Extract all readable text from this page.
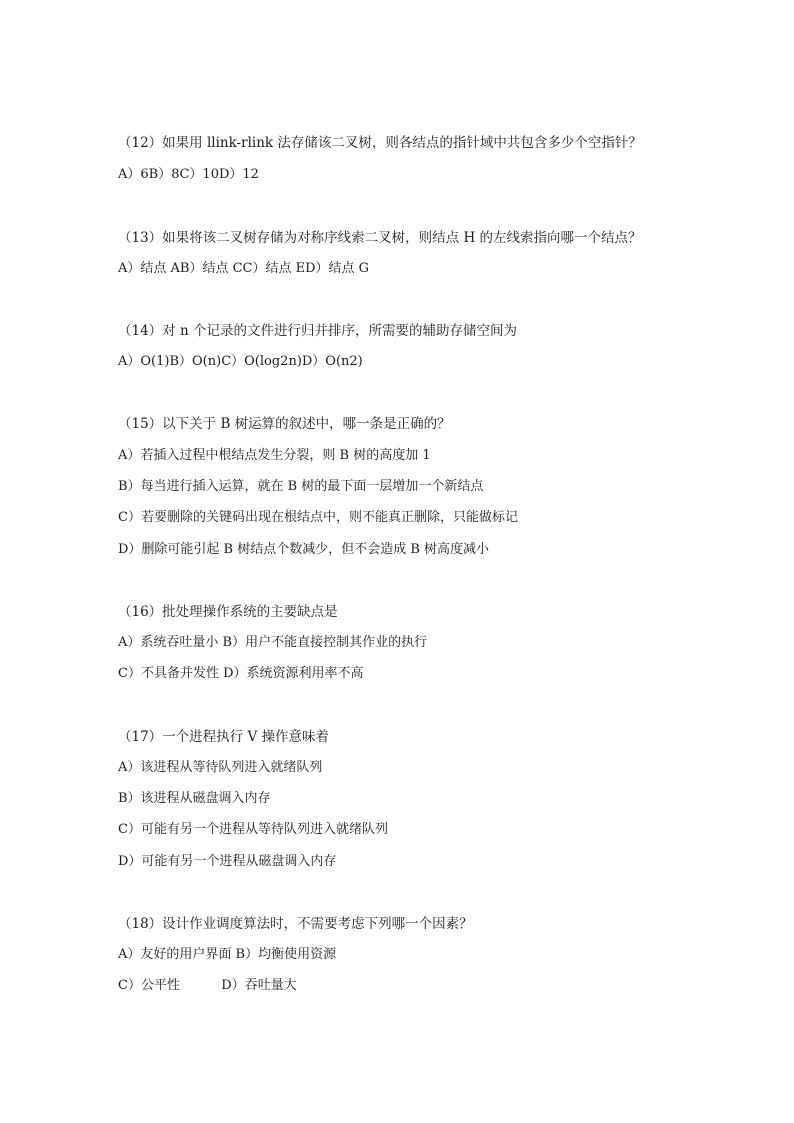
（12）如果用 llink-rlink 法存储该二叉树，则各结点的指针域中共包含多少个空指针？
A）6B）8C）10D）12
（13）如果将该二叉树存储为对称序线索二叉树，则结点 H 的左线索指向哪一个结点？
A）结点 AB）结点 CC）结点 ED）结点 G
（14）对 n 个记录的文件进行归并排序，所需要的辅助存储空间为
A）O(1)B）O(n)C）O(log2n)D）O(n2)
（15）以下关于 B 树运算的叙述中，哪一条是正确的？
A）若插入过程中根结点发生分裂，则 B 树的高度加 1
B）每当进行插入运算，就在 B 树的最下面一层增加一个新结点
C）若要删除的关键码出现在根结点中，则不能真正删除，只能做标记
D）删除可能引起 B 树结点个数减少，但不会造成 B 树高度减小
（16）批处理操作系统的主要缺点是
A）系统吞吐量小 B）用户不能直接控制其作业的执行
C）不具备并发性 D）系统资源利用率不高
（17）一个进程执行 V 操作意味着
A）该进程从等待队列进入就绪队列
B）该进程从磁盘调入内存
C）可能有另一个进程从等待队列进入就绪队列
D）可能有另一个进程从磁盘调入内存
（18）设计作业调度算法时，不需要考虑下列哪一个因素？
A）友好的用户界面 B）均衡使用资源
C）公平性          D）吞吐量大
